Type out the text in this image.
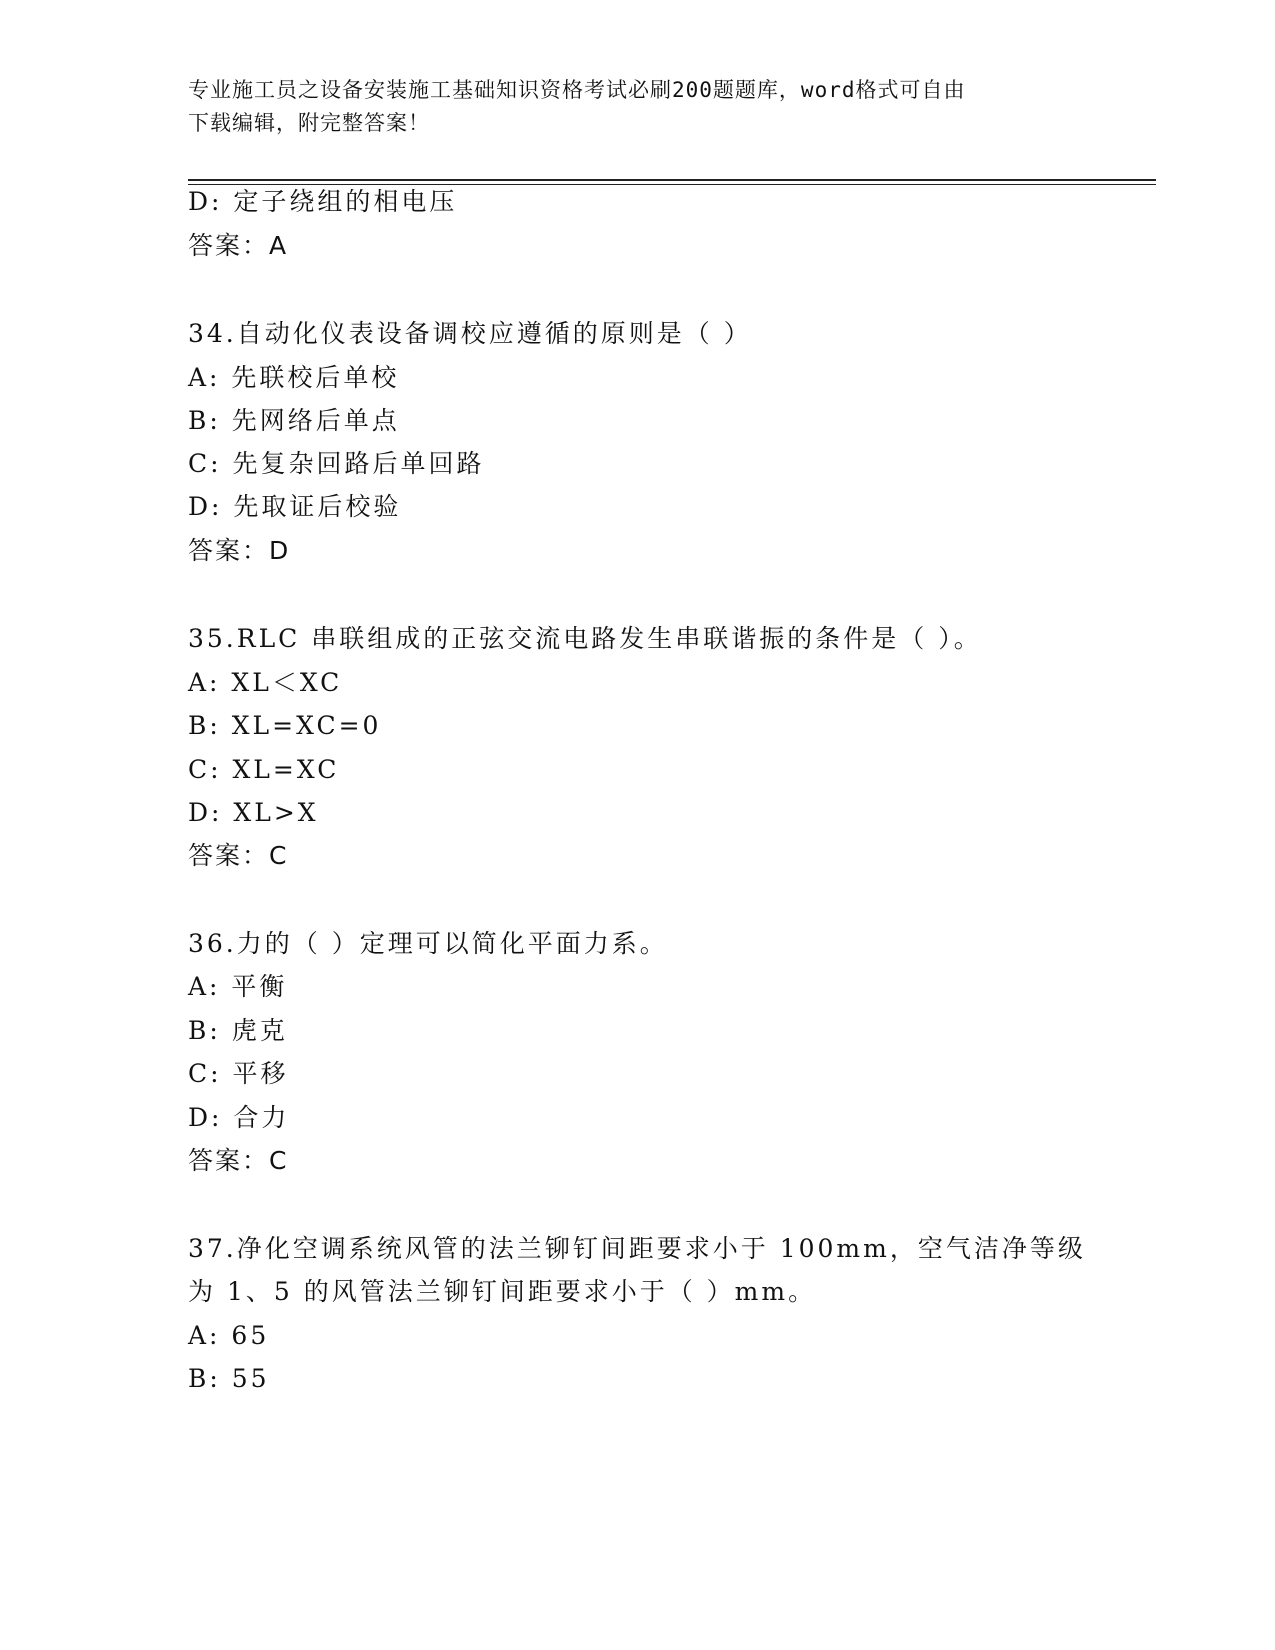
专业施工员之设备安装施工基础知识资格考试必刷200题题库，word格式可自由
下载编辑，附完整答案！
D: 定子绕组的相电压
答案：A
34.自动化仪表设备调校应遵循的原则是（ ）
A: 先联校后单校
B: 先网络后单点
C: 先复杂回路后单回路
D: 先取证后校验
答案：D
35.RLC 串联组成的正弦交流电路发生串联谐振的条件是（ ）。
A: XL＜XC
B: XL=XC=0
C: XL=XC
D: XL>X
答案：C
36.力的（ ）定理可以简化平面力系。
A: 平衡
B: 虎克
C: 平移
D: 合力
答案：C
37.净化空调系统风管的法兰铆钉间距要求小于 100mm，空气洁净等级
为 1、5 的风管法兰铆钉间距要求小于（ ）mm。
A: 65
B: 55
